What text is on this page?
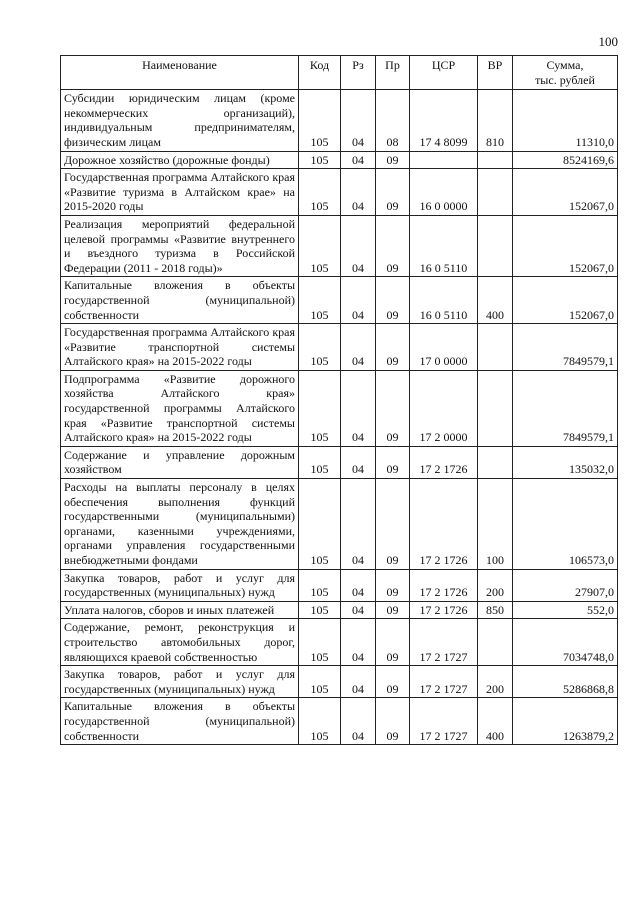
100
Наименование	Код	Рз	Пр	ЦСР	ВР	Сумма,
тыс. рублей

Субсидии юридическим лицам (кроме некоммерческих организаций), индивидуальным предпринимателям, физическим лицам	105	04	08	17 4 8099	810	11310,0
Дорожное хозяйство (дорожные фонды)	105	04	09			8524169,6
Государственная программа Алтайского края «Развитие туризма в Алтайском крае» на 2015-2020 годы	105	04	09	16 0 0000		152067,0
Реализация мероприятий федеральной целевой программы «Развитие внутреннего и въездного туризма в Российской Федерации (2011 - 2018 годы)»	105	04	09	16 0 5110		152067,0
Капитальные вложения в объекты государственной (муниципальной) собственности	105	04	09	16 0 5110	400	152067,0
Государственная программа Алтайского края «Развитие транспортной системы Алтайского края» на 2015-2022 годы	105	04	09	17 0 0000		7849579,1
Подпрограмма «Развитие дорожного хозяйства Алтайского края» государственной программы Алтайского края «Развитие транспортной системы Алтайского края» на 2015-2022 годы	105	04	09	17 2 0000		7849579,1
Содержание и управление дорожным хозяйством	105	04	09	17 2 1726		135032,0
Расходы на выплаты персоналу в целях обеспечения выполнения функций государственными (муниципальными) органами, казенными учреждениями, органами управления государственными внебюджетными фондами	105	04	09	17 2 1726	100	106573,0
Закупка товаров, работ и услуг для государственных (муниципальных) нужд	105	04	09	17 2 1726	200	27907,0
Уплата налогов, сборов и иных платежей	105	04	09	17 2 1726	850	552,0
Содержание, ремонт, реконструкция и строительство автомобильных дорог, являющихся краевой собственностью	105	04	09	17 2 1727		7034748,0
Закупка товаров, работ и услуг для государственных (муниципальных) нужд	105	04	09	17 2 1727	200	5286868,8
Капитальные вложения в объекты государственной (муниципальной) собственности	105	04	09	17 2 1727	400	1263879,2
